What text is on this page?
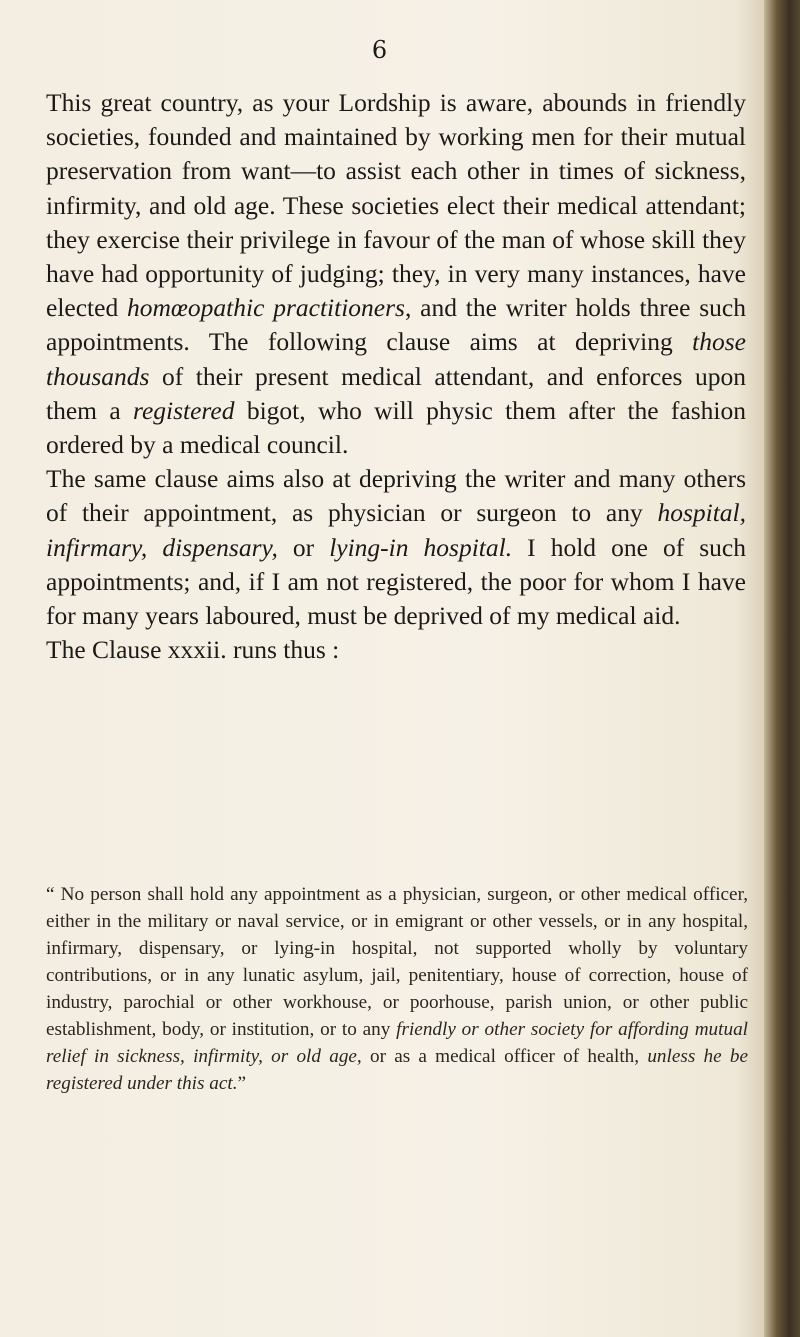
6

This great country, as your Lordship is aware, abounds in friendly societies, founded and maintained by working men for their mutual preservation from want—to assist each other in times of sickness, infirmity, and old age. These societies elect their medical attendant; they exercise their privilege in favour of the man of whose skill they have had opportunity of judging; they, in very many instances, have elected homœopathic practitioners, and the writer holds three such appointments. The following clause aims at depriving those thousands of their present medical attendant, and enforces upon them a registered bigot, who will physic them after the fashion ordered by a medical council.

The same clause aims also at depriving the writer and many others of their appointment, as physician or surgeon to any hospital, infirmary, dispensary, or lying-in hospital. I hold one of such appointments; and, if I am not registered, the poor for whom I have for many years laboured, must be deprived of my medical aid.

The Clause xxxii. runs thus :

“ No person shall hold any appointment as a physician, surgeon, or other medical officer, either in the military or naval service, or in emigrant or other vessels, or in any hospital, infirmary, dispensary, or lying-in hospital, not supported wholly by voluntary contributions, or in any lunatic asylum, jail, penitentiary, house of correction, house of industry, parochial or other workhouse, or poorhouse, parish union, or other public establishment, body, or institution, or to any friendly or other society for affording mutual relief in sickness, infirmity, or old age, or as a medical officer of health, unless he be registered under this act.”
